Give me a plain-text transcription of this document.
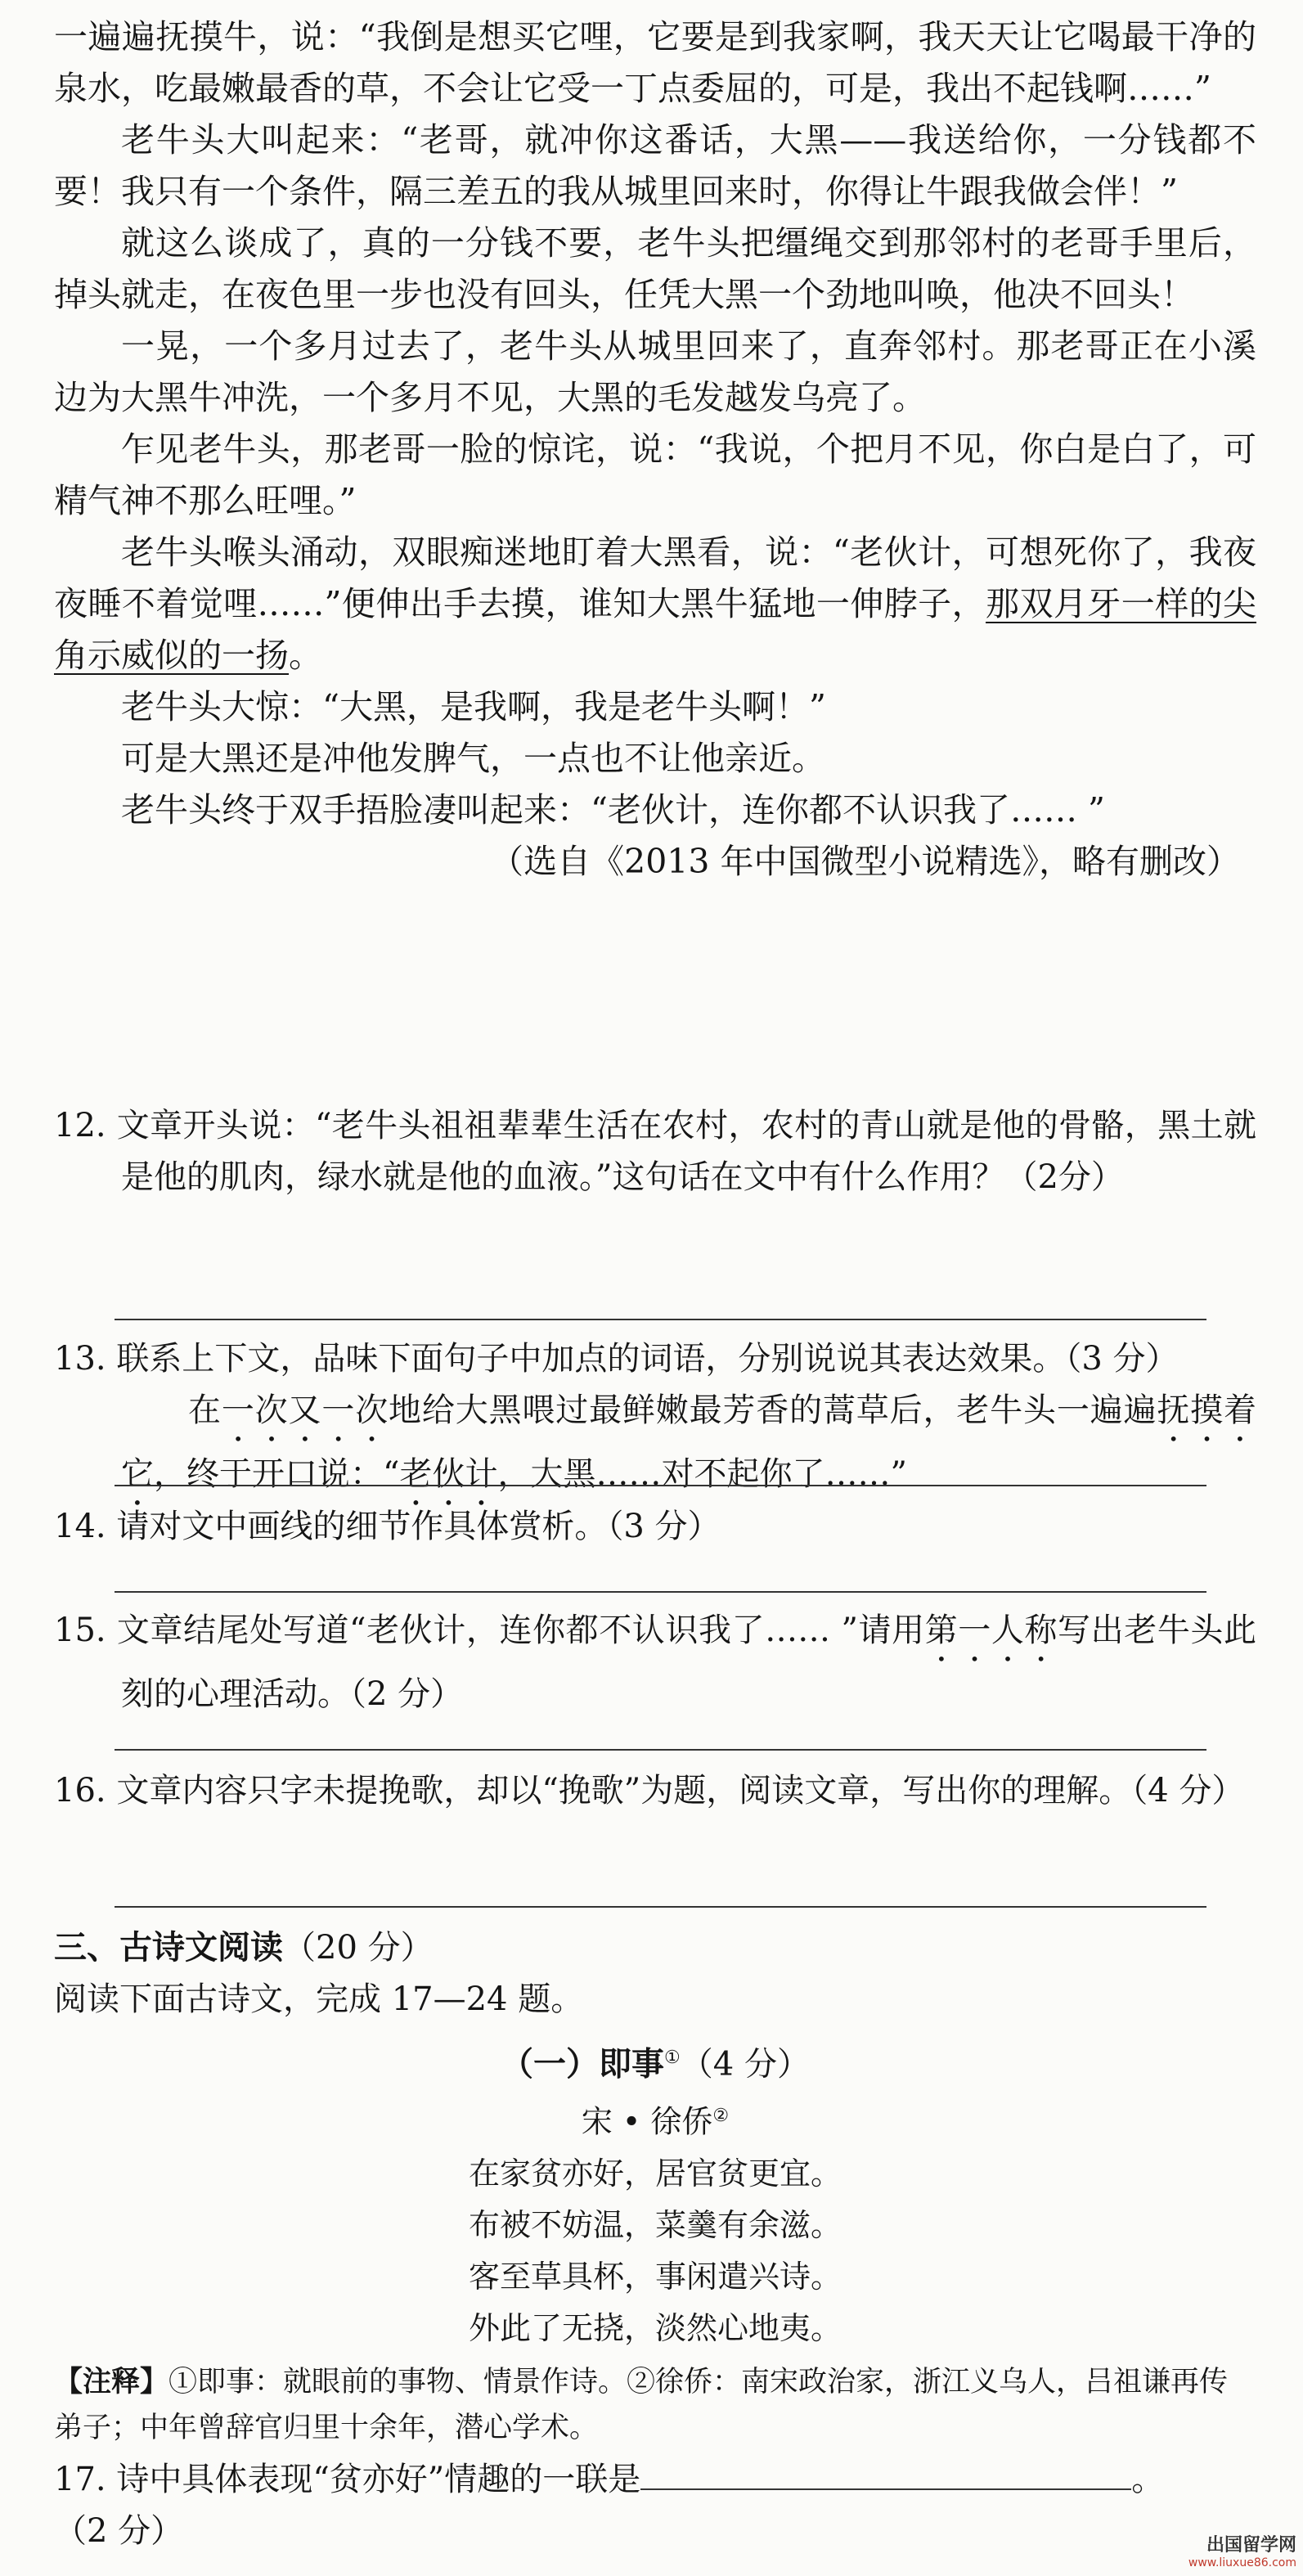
一遍遍抚摸牛，说：“我倒是想买它哩，它要是到我家啊，我天天让它喝最干净的泉水，吃最嫩最香的草，不会让它受一丁点委屈的，可是，我出不起钱啊……”

老牛头大叫起来：“老哥，就冲你这番话，大黑——我送给你，一分钱都不要！我只有一个条件，隔三差五的我从城里回来时，你得让牛跟我做会伴！”

就这么谈成了，真的一分钱不要，老牛头把缰绳交到那邻村的老哥手里后，掉头就走，在夜色里一步也没有回头，任凭大黑一个劲地叫唤，他决不回头！

一晃，一个多月过去了，老牛头从城里回来了，直奔邻村。那老哥正在小溪边为大黑牛冲洗，一个多月不见，大黑的毛发越发乌亮了。

乍见老牛头，那老哥一脸的惊诧，说：“我说，个把月不见，你白是白了，可精气神不那么旺哩。”

老牛头喉头涌动，双眼痴迷地盯着大黑看，说：“老伙计，可想死你了，我夜夜睡不着觉哩……”便伸出手去摸，谁知大黑牛猛地一伸脖子，那双月牙一样的尖角示威似的一扬。

老牛头大惊：“大黑，是我啊，我是老牛头啊！”

可是大黑还是冲他发脾气，一点也不让他亲近。

老牛头终于双手捂脸凄叫起来：“老伙计，连你都不认识我了…… ”

（选自《2013 年中国微型小说精选》，略有删改）

12. 文章开头说：“老牛头祖祖辈辈生活在农村，农村的青山就是他的骨骼，黑土就是他的肌肉，绿水就是他的血液。”这句话在文中有什么作用？（2分）

13. 联系上下文，品味下面句子中加点的词语，分别说说其表达效果。（3 分）

在一次又一次地给大黑喂过最鲜嫩最芳香的蒿草后，老牛头一遍遍抚摸着它，终于开口说：“老伙计，大黑……对不起你了……”

14. 请对文中画线的细节作具体赏析。（3 分）

15. 文章结尾处写道“老伙计，连你都不认识我了…… ”请用第一人称写出老牛头此刻的心理活动。（2 分）

16. 文章内容只字未提挽歌，却以“挽歌”为题，阅读文章，写出你的理解。（4 分）

三、古诗文阅读（20 分）

阅读下面古诗文，完成 17—24 题。

（一）即事①（4 分）

宋 • 徐侨②

在家贫亦好，居官贫更宜。

布被不妨温，菜羹有余滋。

客至草具杯，事闲遣兴诗。

外此了无挠，淡然心地夷。

【注释】①即事：就眼前的事物、情景作诗。②徐侨：南宋政治家，浙江义乌人，吕祖谦再传弟子；中年曾辞官归里十余年，潜心学术。

17. 诗中具体表现“贫亦好”情趣的一联是	。

（2 分）	出国留学网
www.liuxue86.com
